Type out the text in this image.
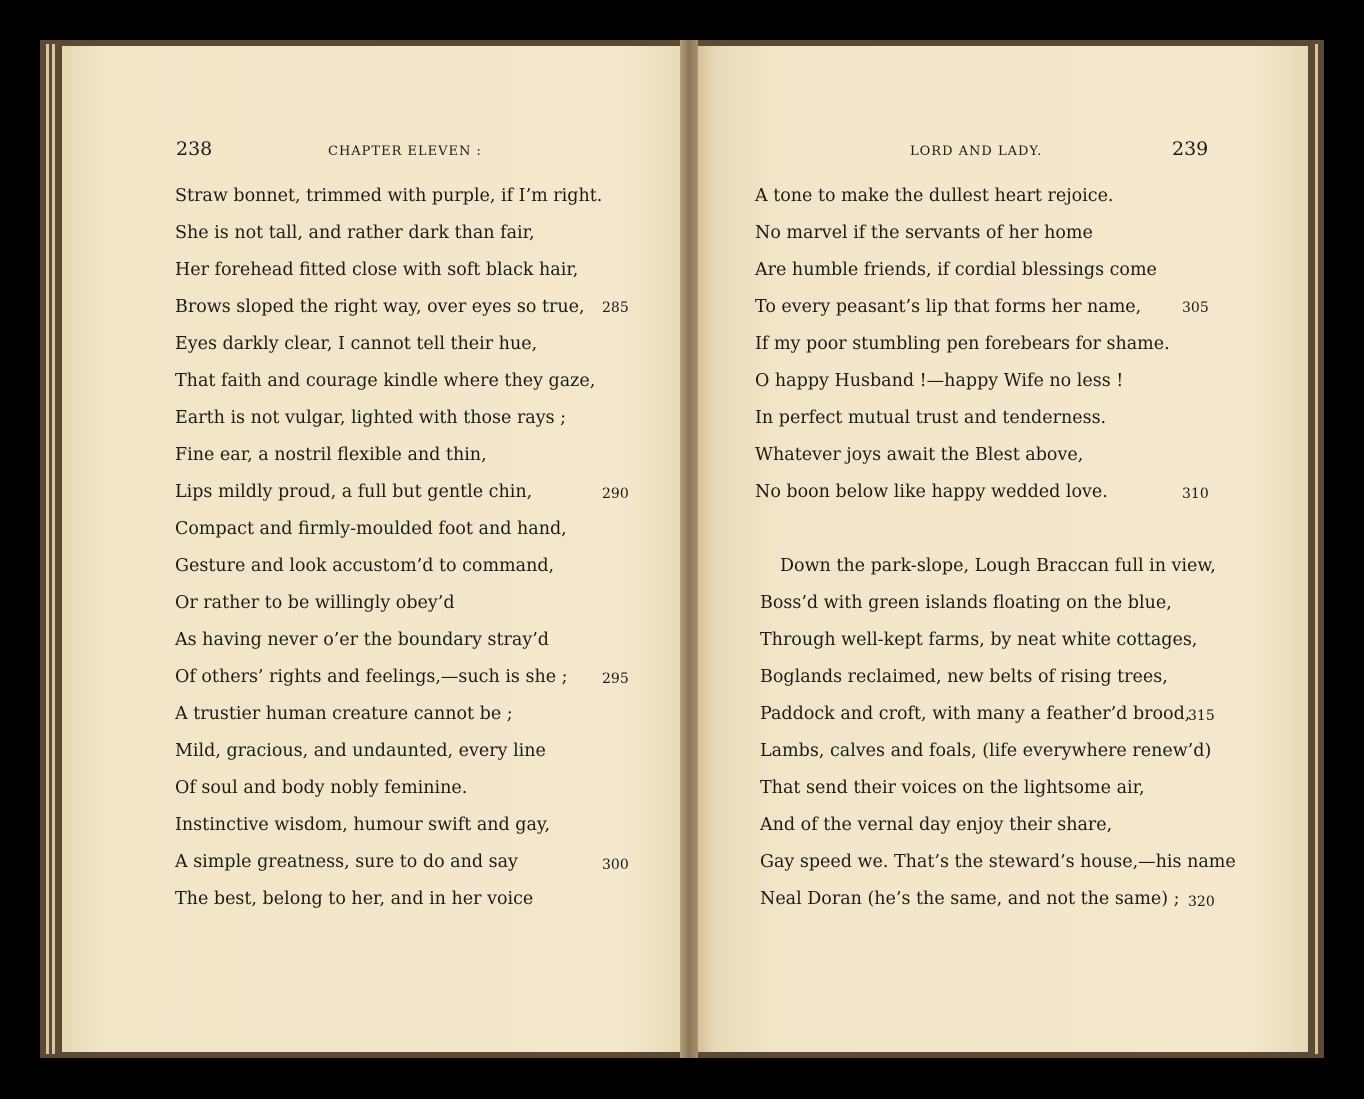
238	CHAPTER ELEVEN :
Straw bonnet, trimmed with purple, if I’m right.
She is not tall, and rather dark than fair,
Her forehead fitted close with soft black hair,
Brows sloped the right way, over eyes so true,
Eyes darkly clear, I cannot tell their hue,
That faith and courage kindle where they gaze,
Earth is not vulgar, lighted with those rays ;
Fine ear, a nostril flexible and thin,
Lips mildly proud, a full but gentle chin,
Compact and firmly-moulded foot and hand,
Gesture and look accustom’d to command,
Or rather to be willingly obey’d
As having never o’er the boundary stray’d
Of others’ rights and feelings,—such is she ;
A trustier human creature cannot be ;
Mild, gracious, and undaunted, every line
Of soul and body nobly feminine.
Instinctive wisdom, humour swift and gay,
A simple greatness, sure to do and say
The best, belong to her, and in her voice
285
290
295
300
LORD AND LADY.	239
A tone to make the dullest heart rejoice.
No marvel if the servants of her home
Are humble friends, if cordial blessings come
To every peasant’s lip that forms her name,
If my poor stumbling pen forebears for shame.
O happy Husband !—happy Wife no less !
In perfect mutual trust and tenderness.
Whatever joys await the Blest above,
No boon below like happy wedded love.
Down the park-slope, Lough Braccan full in view,
Boss’d with green islands floating on the blue,
Through well-kept farms, by neat white cottages,
Boglands reclaimed, new belts of rising trees,
Paddock and croft, with many a feather’d brood,
Lambs, calves and foals, (life everywhere renew’d)
That send their voices on the lightsome air,
And of the vernal day enjoy their share,
Gay speed we. That’s the steward’s house,—his name
Neal Doran (he’s the same, and not the same) ;
305
310
315
320
